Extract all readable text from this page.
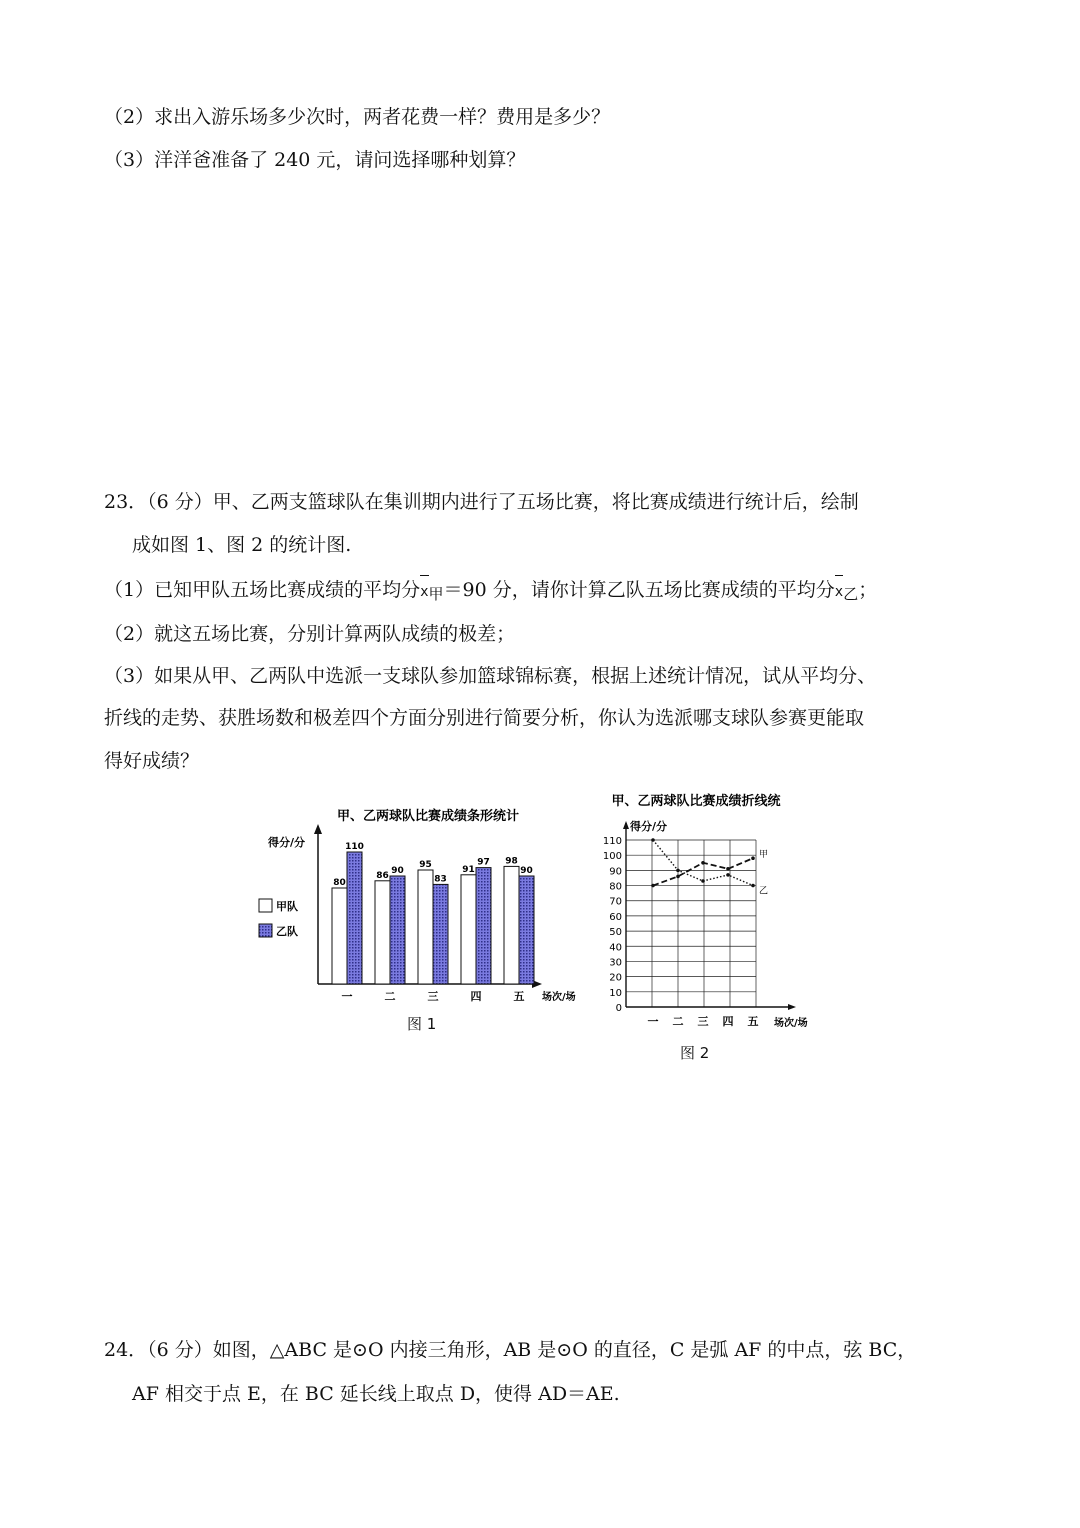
（2）求出入游乐场多少次时，两者花费一样？费用是多少？
（3）洋洋爸准备了 240 元，请问选择哪种划算？
23．（6 分）甲、乙两支篮球队在集训期内进行了五场比赛，将比赛成绩进行统计后，绘制
成如图 1、图 2 的统计图.
（1）已知甲队五场比赛成绩的平均分x甲＝90 分，请你计算乙队五场比赛成绩的平均分x乙；
（2）就这五场比赛，分别计算两队成绩的极差；
（3）如果从甲、乙两队中选派一支球队参加篮球锦标赛，根据上述统计情况，试从平均分、
折线的走势、获胜场数和极差四个方面分别进行简要分析，你认为选派哪支球队参赛更能取
得好成绩？
甲、乙两球队比赛成绩条形统计
得分/分
场次/场
甲队
乙队
80
110
一
86 90
二
95
83
三
91
97
四
98
90
五
图 1
甲、乙两球队比赛成绩折线统
得分/分
0
10
20
30
40
50
60
70
80
90
100
110
一 二 三 四 五 场次/场
甲
乙
图 2
24．（6 分）如图，△ABC 是⊙O 内接三角形，AB 是⊙O 的直径，C 是弧 AF 的中点，弦 BC，
AF 相交于点 E，在 BC 延长线上取点 D，使得 AD＝AE.
